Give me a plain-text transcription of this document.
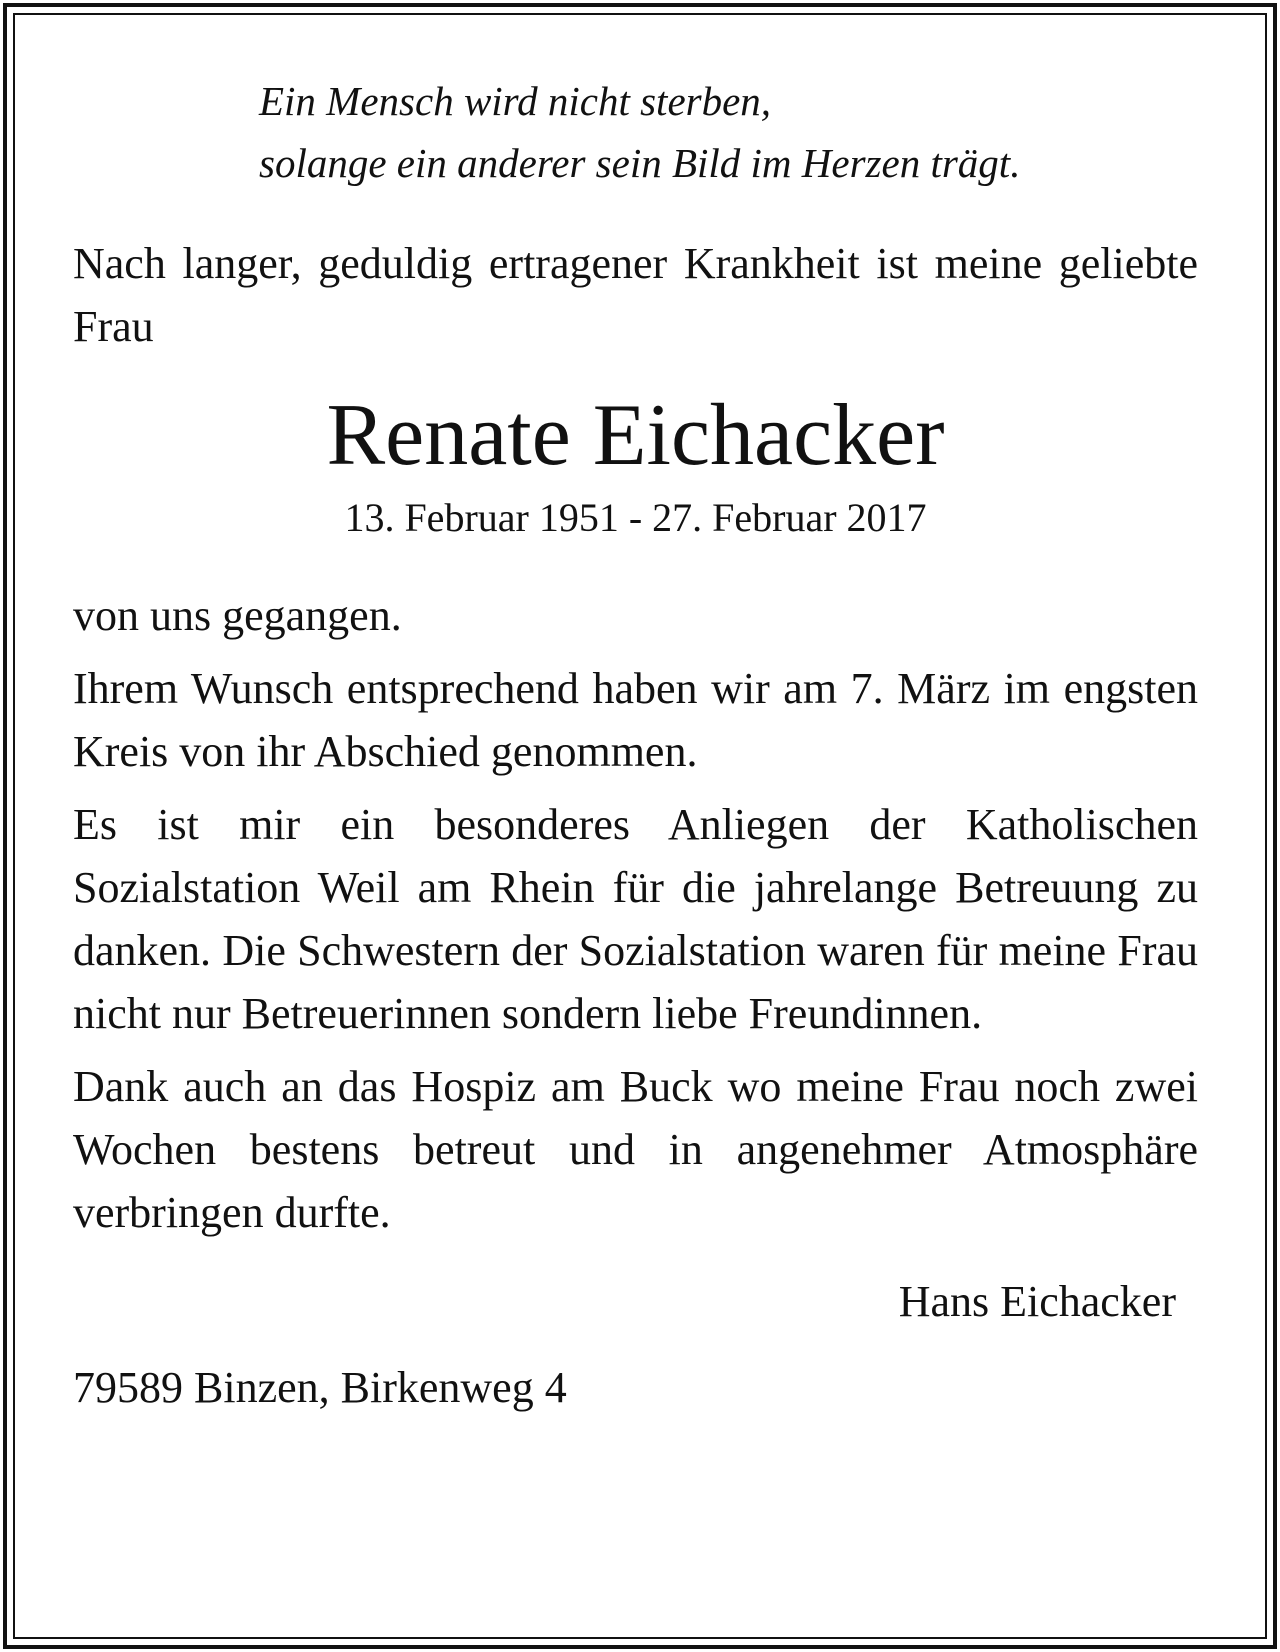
Ein Mensch wird nicht sterben,
solange ein anderer sein Bild im Herzen trägt.
Nach langer, geduldig ertragener Krankheit ist meine geliebte Frau
Renate Eichacker
13. Februar 1951 - 27. Februar 2017
von uns gegangen.
Ihrem Wunsch entsprechend haben wir am 7. März im engsten Kreis von ihr Abschied genommen.
Es ist mir ein besonderes Anliegen der Katholischen Sozialstation Weil am Rhein für die jahrelange Betreuung zu danken. Die Schwestern der Sozialstation waren für meine Frau nicht nur Betreuerinnen sondern liebe Freundinnen.
Dank auch an das Hospiz am Buck wo meine Frau noch zwei Wochen bestens betreut und in angenehmer Atmosphäre verbringen durfte.
Hans Eichacker
79589 Binzen, Birkenweg 4
